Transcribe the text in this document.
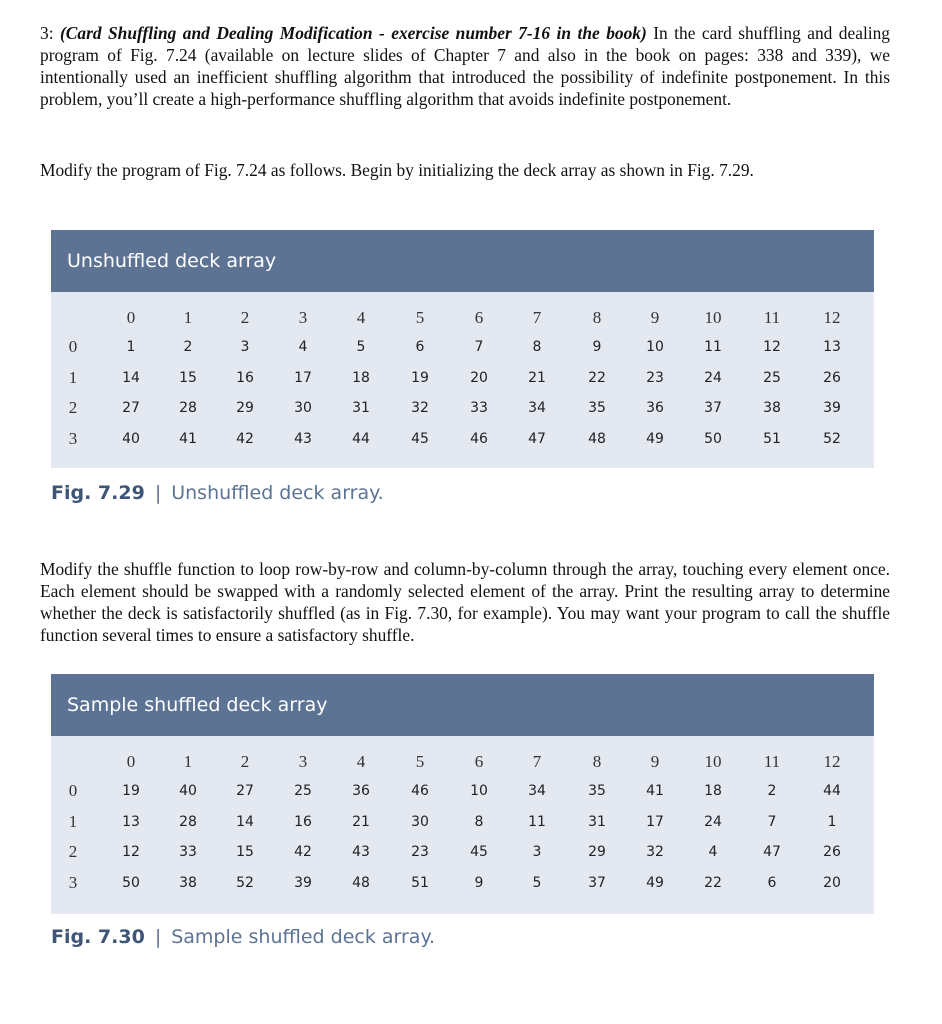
3: (Card Shuffling and Dealing Modification - exercise number 7-16 in the book) In the card shuffling and dealing program of Fig. 7.24 (available on lecture slides of Chapter 7 and also in the book on pages: 338 and 339), we intentionally used an inefficient shuffling algorithm that introduced the possibility of indefinite postponement. In this problem, you’ll create a high-performance shuffling algorithm that avoids indefinite postponement.

Modify the program of Fig. 7.24 as follows. Begin by initializing the deck array as shown in Fig. 7.29.

Unshuffled deck array
0	1	2	3	4	5	6	7	8	9	10	11	12
0	1	2	3	4	5	6	7	8	9	10	11	12	13
1	14	15	16	17	18	19	20	21	22	23	24	25	26
2	27	28	29	30	31	32	33	34	35	36	37	38	39
3	40	41	42	43	44	45	46	47	48	49	50	51	52
Fig. 7.29 | Unshuffled deck array.

Modify the shuffle function to loop row-by-row and column-by-column through the array, touching every element once. Each element should be swapped with a randomly selected element of the array. Print the resulting array to determine whether the deck is satisfactorily shuffled (as in Fig. 7.30, for example). You may want your program to call the shuffle function several times to ensure a satisfactory shuffle.

Sample shuffled deck array
0	1	2	3	4	5	6	7	8	9	10	11	12
0	19	40	27	25	36	46	10	34	35	41	18	2	44
1	13	28	14	16	21	30	8	11	31	17	24	7	1
2	12	33	15	42	43	23	45	3	29	32	4	47	26
3	50	38	52	39	48	51	9	5	37	49	22	6	20
Fig. 7.30 | Sample shuffled deck array.
